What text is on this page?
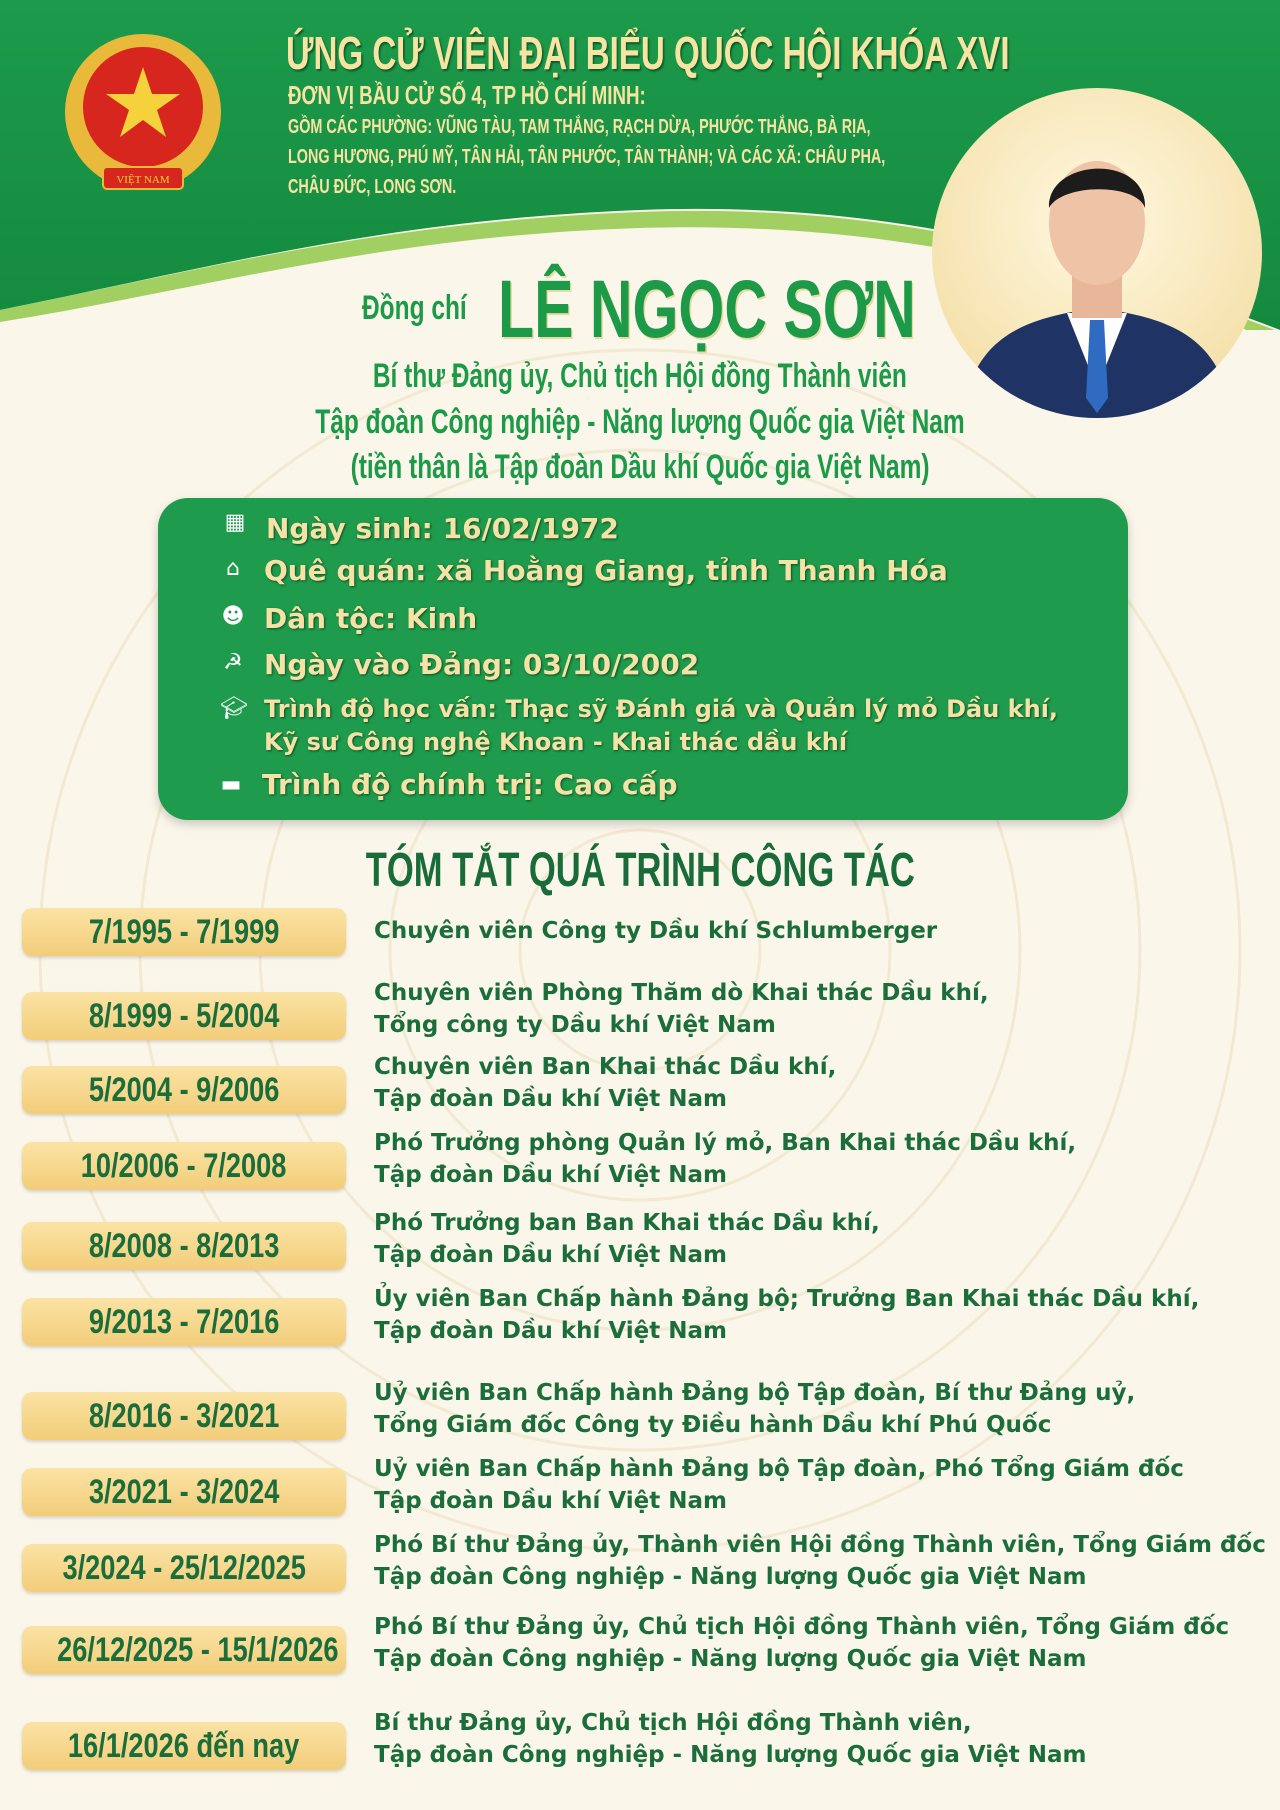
VIỆT NAM
ỨNG CỬ VIÊN ĐẠI BIỂU QUỐC HỘI KHÓA XVI
ĐƠN VỊ BẦU CỬ SỐ 4, TP HỒ CHÍ MINH:
GỒM CÁC PHƯỜNG: VŨNG TÀU, TAM THẮNG, RẠCH DỪA, PHƯỚC THẮNG, BÀ RỊA,
LONG HƯƠNG, PHÚ MỸ, TÂN HẢI, TÂN PHƯỚC, TÂN THÀNH; VÀ CÁC XÃ: CHÂU PHA,
CHÂU ĐỨC, LONG SƠN.
Đồng chí LÊ NGỌC SƠN
Bí thư Đảng ủy, Chủ tịch Hội đồng Thành viên
Tập đoàn Công nghiệp - Năng lượng Quốc gia Việt Nam
(tiền thân là Tập đoàn Dầu khí Quốc gia Việt Nam)
▦ Ngày sinh: 16/02/1972
⌂ Quê quán: xã Hoằng Giang, tỉnh Thanh Hóa
☻ Dân tộc: Kinh
☭ Ngày vào Đảng: 03/10/2002
🎓︎ Trình độ học vấn: Thạc sỹ Đánh giá và Quản lý mỏ Dầu khí,
Kỹ sư Công nghệ Khoan - Khai thác dầu khí
▬ Trình độ chính trị: Cao cấp
TÓM TẮT QUÁ TRÌNH CÔNG TÁC
7/1995 - 7/1999	Chuyên viên Công ty Dầu khí Schlumberger
8/1999 - 5/2004
Chuyên viên Phòng Thăm dò Khai thác Dầu khí,
Tổng công ty Dầu khí Việt Nam
5/2004 - 9/2006
Chuyên viên Ban Khai thác Dầu khí,
Tập đoàn Dầu khí Việt Nam
10/2006 - 7/2008
Phó Trưởng phòng Quản lý mỏ, Ban Khai thác Dầu khí,
Tập đoàn Dầu khí Việt Nam
8/2008 - 8/2013
Phó Trưởng ban Ban Khai thác Dầu khí,
Tập đoàn Dầu khí Việt Nam
9/2013 - 7/2016
Ủy viên Ban Chấp hành Đảng bộ; Trưởng Ban Khai thác Dầu khí,
Tập đoàn Dầu khí Việt Nam
8/2016 - 3/2021
Uỷ viên Ban Chấp hành Đảng bộ Tập đoàn, Bí thư Đảng uỷ,
Tổng Giám đốc Công ty Điều hành Dầu khí Phú Quốc
3/2021 - 3/2024
Uỷ viên Ban Chấp hành Đảng bộ Tập đoàn, Phó Tổng Giám đốc
Tập đoàn Dầu khí Việt Nam
3/2024 - 25/12/2025
Phó Bí thư Đảng ủy, Thành viên Hội đồng Thành viên, Tổng Giám đốc
Tập đoàn Công nghiệp - Năng lượng Quốc gia Việt Nam
26/12/2025 - 15/1/2026
Phó Bí thư Đảng ủy, Chủ tịch Hội đồng Thành viên, Tổng Giám đốc
Tập đoàn Công nghiệp - Năng lượng Quốc gia Việt Nam
16/1/2026 đến nay
Bí thư Đảng ủy, Chủ tịch Hội đồng Thành viên,
Tập đoàn Công nghiệp - Năng lượng Quốc gia Việt Nam
